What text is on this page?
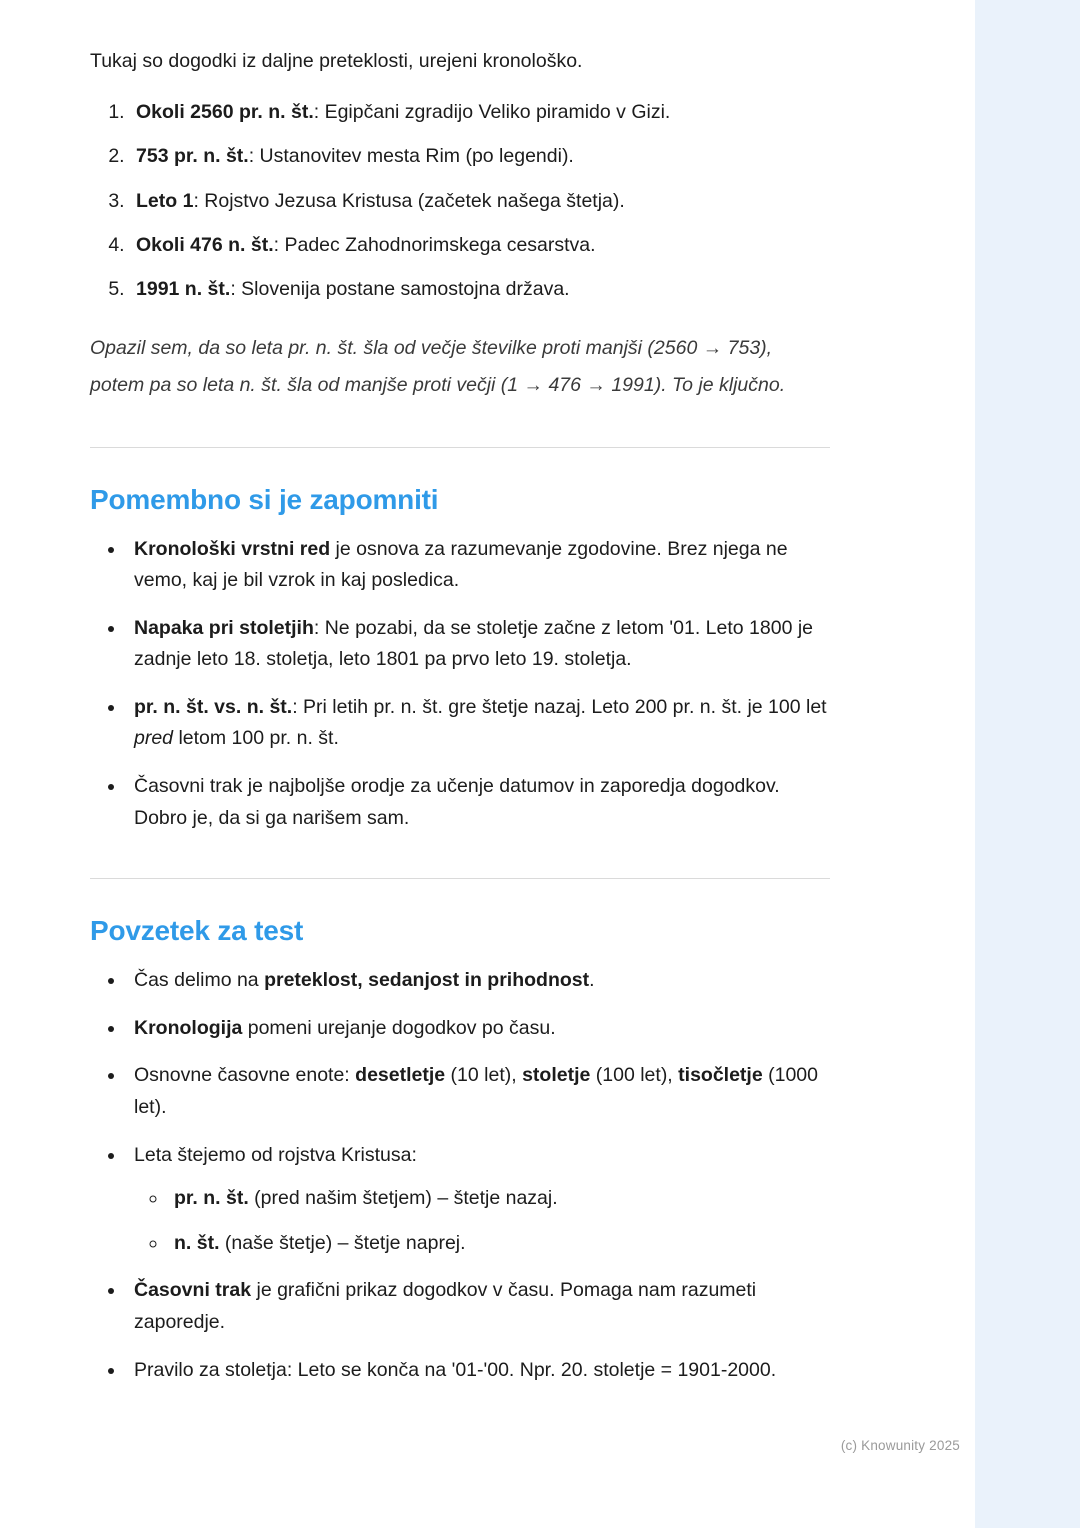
Tukaj so dogodki iz daljne preteklosti, urejeni kronološko.

1. Okoli 2560 pr. n. št.: Egipčani zgradijo Veliko piramido v Gizi.
2. 753 pr. n. št.: Ustanovitev mesta Rim (po legendi).
3. Leto 1: Rojstvo Jezusa Kristusa (začetek našega štetja).
4. Okoli 476 n. št.: Padec Zahodnorimskega cesarstva.
5. 1991 n. št.: Slovenija postane samostojna država.

Opazil sem, da so leta pr. n. št. šla od večje številke proti manjši (2560 → 753), potem pa so leta n. št. šla od manjše proti večji (1 → 476 → 1991). To je ključno.

Pomembno si je zapomniti
• Kronološki vrstni red je osnova za razumevanje zgodovine. Brez njega ne vemo, kaj je bil vzrok in kaj posledica.
• Napaka pri stoletjih: Ne pozabi, da se stoletje začne z letom '01. Leto 1800 je zadnje leto 18. stoletja, leto 1801 pa prvo leto 19. stoletja.
• pr. n. št. vs. n. št.: Pri letih pr. n. št. gre štetje nazaj. Leto 200 pr. n. št. je 100 let pred letom 100 pr. n. št.
• Časovni trak je najboljše orodje za učenje datumov in zaporedja dogodkov. Dobro je, da si ga narišem sam.
Povzetek za test
• Čas delimo na preteklost, sedanjost in prihodnost.
• Kronologija pomeni urejanje dogodkov po času.
• Osnovne časovne enote: desetletje (10 let), stoletje (100 let), tisočletje (1000 let).
• Leta štejemo od rojstva Kristusa:
◦ pr. n. št. (pred našim štetjem) – štetje nazaj.
◦ n. št. (naše štetje) – štetje naprej.
• Časovni trak je grafični prikaz dogodkov v času. Pomaga nam razumeti zaporedje.
• Pravilo za stoletja: Leto se konča na '01-'00. Npr. 20. stoletje = 1901-2000.
(c) Knowunity 2025
